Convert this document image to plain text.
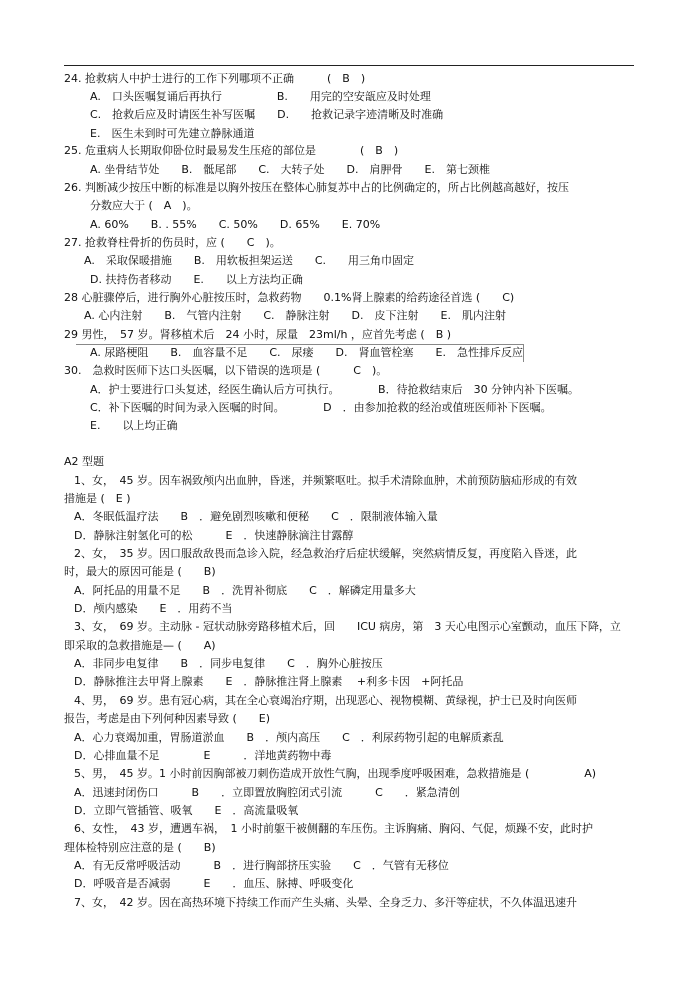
24. 抢救病人中护士进行的工作下列哪项不正确　　　(　B　)
A.　口头医嘱复诵后再执行　　　　　B.　　用完的空安瓿应及时处理
C.　抢救后应及时请医生补写医嘱　　D.　　抢救记录字迹清晰及时准确
E.　医生未到时可先建立静脉通道
25. 危重病人长期取仰卧位时最易发生压疮的部位是　　　　(　B　)
A. 坐骨结节处　　B.　骶尾部　　C.　大转子处　　D.　肩胛骨　　E.　第七颈椎
26. 判断减少按压中断的标准是以胸外按压在整体心肺复苏中占的比例确定的，所占比例越高越好，按压
分数应大于 (　A　)。
A. 60%　　B. . 55%　　C. 50%　　D. 65%　　E. 70%
27. 抢救脊柱骨折的伤员时，应 (　　C　)。
A.　采取保暖措施　　B.　用软板担架运送　　C.　　用三角巾固定
D. 扶持伤者移动　　E.　　以上方法均正确
28 心脏骤停后，进行胸外心脏按压时，急救药物　　0.1%肾上腺素的给药途径首选 (　　C)
A. 心内注射　　B.　气管内注射　　C.　静脉注射　　D.　皮下注射　　E.　肌内注射
29 男性，　57 岁。肾移植术后　24 小时，尿量　23ml/h ，应首先考虑 (　B )
A. 尿路梗阻　　B.　血容量不足　　C.　尿瘘　　D.　肾血管栓塞　　E.　急性排斥反应
30.　急救时医师下达口头医嘱，以下错误的选项是 (　　　C　)。
A．护士要进行口头复述，经医生确认后方可执行。　　　　B．待抢救结束后　30 分钟内补下医嘱。
C．补下医嘱的时间为录入医嘱的时间。　　　　D　．由参加抢救的经治或值班医师补下医嘱。
E.　　以上均正确
A2 型题
1、女，　45 岁。因车祸致颅内出血肿，昏迷，并频繁呕吐。拟手术清除血肿，术前预防脑疝形成的有效
措施是 (　E )
A．冬眠低温疗法　　B　．避免剧烈咳嗽和便秘　　C　．限制液体输入量
D．静脉注射氢化可的松　　　E　．快速静脉滴注甘露醇
2、女，　35 岁。因口服敌敌畏而急诊入院，经急救治疗后症状缓解，突然病情反复，再度陷入昏迷，此
时，最大的原因可能是 (　　B)
A．阿托品的用量不足　　B　．洗胃补彻底　　C　．解磷定用量多大
D．颅内感染　　E　．用药不当
3、女，　69 岁。主动脉 - 冠状动脉旁路移植术后，回　　ICU 病房，第　3 天心电图示心室颤动，血压下降，立
即采取的急救措施是— (　　A)
A．非同步电复律　　B　．同步电复律　　C　．胸外心脏按压
D．静脉推注去甲肾上腺素　　E　．静脉推注肾上腺素　 +利多卡因　+阿托品
4、男，　69 岁。患有冠心病，其在全心衰竭治疗期，出现恶心、视物模糊、黄绿视，护士已及时向医师
报告，考虑是由下列何种因素导致 (　　E)
A．心力衰竭加重，胃肠道淤血　　B　．颅内高压　　C　．利尿药物引起的电解质紊乱
D．心排血量不足　　　　E　　　．洋地黄药物中毒
5、男，　45 岁。1 小时前因胸部被刀刺伤造成开放性气胸，出现季度呼吸困难，急救措施是 (　　　　　A)
A．迅速封闭伤口　　　B　　．立即置放胸腔闭式引流　　　C　　．紧急清创
D．立即气管插管、吸氧　　E　．高流量吸氧
6、女性，　43 岁，遭遇车祸，　1 小时前躯干被侧翻的车压伤。主诉胸痛、胸闷、气促，烦躁不安，此时护
理体检特别应注意的是 (　　B)
A．有无反常呼吸活动　　　B　．进行胸部挤压实验　　C　．气管有无移位
D．呼吸音是否减弱　　　E　　．血压、脉搏、呼吸变化
7、女，　42 岁。因在高热环境下持续工作而产生头痛、头晕、全身乏力、多汗等症状，不久体温迅速升
